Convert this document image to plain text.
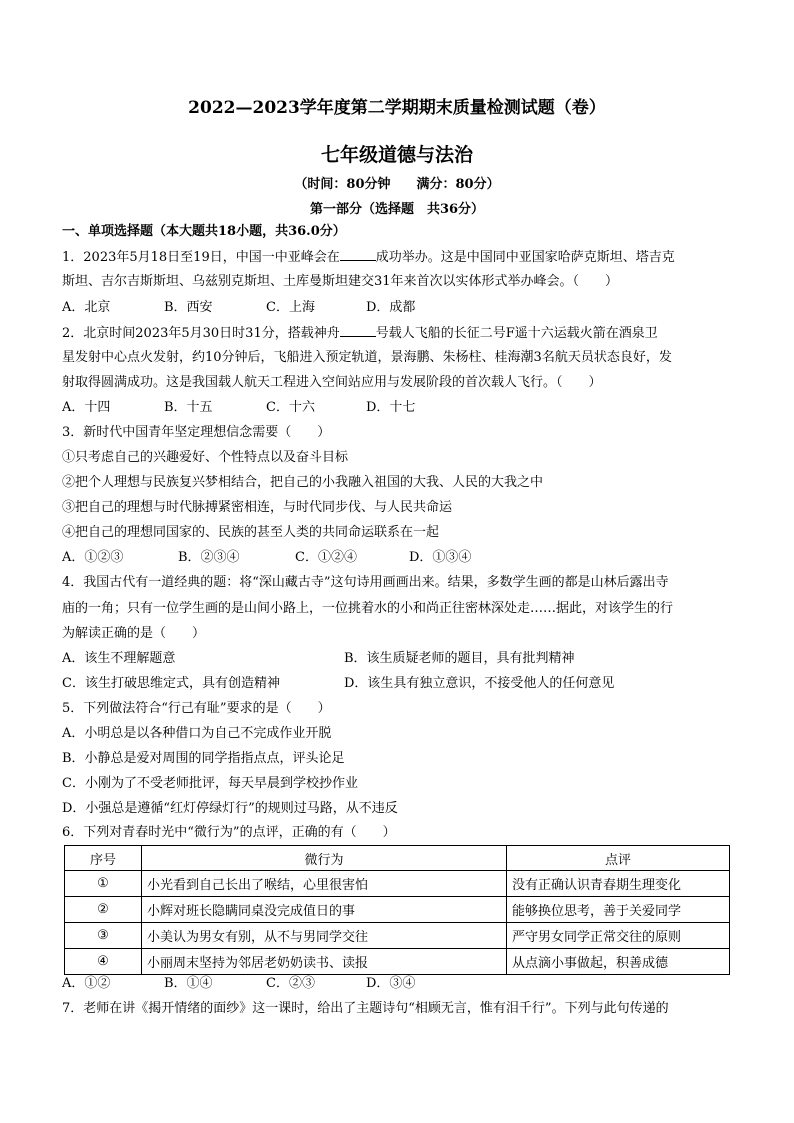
2022—2023学年度第二学期期末质量检测试题（卷）
七年级道德与法治
（时间：80分钟　　满分：80分）
第一部分（选择题　共36分）
一、单项选择题（本大题共18小题，共36.0分）
1．2023年5月18日至19日，中国一中亚峰会在	成功举办。这是中国同中亚国家哈萨克斯坦、塔吉克
斯坦、吉尔吉斯斯坦、乌兹别克斯坦、土库曼斯坦建交31年来首次以实体形式举办峰会。（　　）
A．北京	B．西安	C．上海	D．成都
2．北京时间2023年5月30日时31分，搭载神舟	号载人飞船的长征二号F遥十六运载火箭在酒泉卫
星发射中心点火发射，约10分钟后，飞船进入预定轨道，景海鹏、朱杨柱、桂海潮3名航天员状态良好，发
射取得圆满成功。这是我国载人航天工程进入空间站应用与发展阶段的首次载人飞行。（　　）
A．十四	B．十五	C．十六	D．十七
3．新时代中国青年坚定理想信念需要（　　）
①只考虑自己的兴趣爱好、个性特点以及奋斗目标
②把个人理想与民族复兴梦相结合，把自己的小我融入祖国的大我、人民的大我之中
③把自己的理想与时代脉搏紧密相连，与时代同步伐、与人民共命运
④把自己的理想同国家的、民族的甚至人类的共同命运联系在一起
A．①②③	B．②③④	C．①②④	D．①③④
4．我国古代有一道经典的题：将“深山藏古寺”这句诗用画画出来。结果，多数学生画的都是山林后露出寺
庙的一角；只有一位学生画的是山间小路上，一位挑着水的小和尚正往密林深处走……据此，对该学生的行
为解读正确的是（　　）
A．该生不理解题意	B．该生质疑老师的题目，具有批判精神
C．该生打破思维定式，具有创造精神	D．该生具有独立意识，不接受他人的任何意见
5．下列做法符合“行己有耻”要求的是（　　）
A．小明总是以各种借口为自己不完成作业开脱
B．小静总是爱对周围的同学指指点点，评头论足
C．小刚为了不受老师批评，每天早晨到学校抄作业
D．小强总是遵循“红灯停绿灯行”的规则过马路，从不违反
6．下列对青春时光中“微行为”的点评，正确的有（　　）
序号	微行为	点评
①	小光看到自己长出了喉结，心里很害怕	没有正确认识青春期生理变化
②	小辉对班长隐瞒同桌没完成值日的事	能够换位思考，善于关爱同学
③	小美认为男女有别，从不与男同学交往	严守男女同学正常交往的原则
④	小丽周末坚持为邻居老奶奶读书、读报	从点滴小事做起，积善成德
A．①②	B．①④	C．②③	D．③④
7．老师在讲《揭开情绪的面纱》这一课时，给出了主题诗句“相顾无言，惟有泪千行”。下列与此句传递的
